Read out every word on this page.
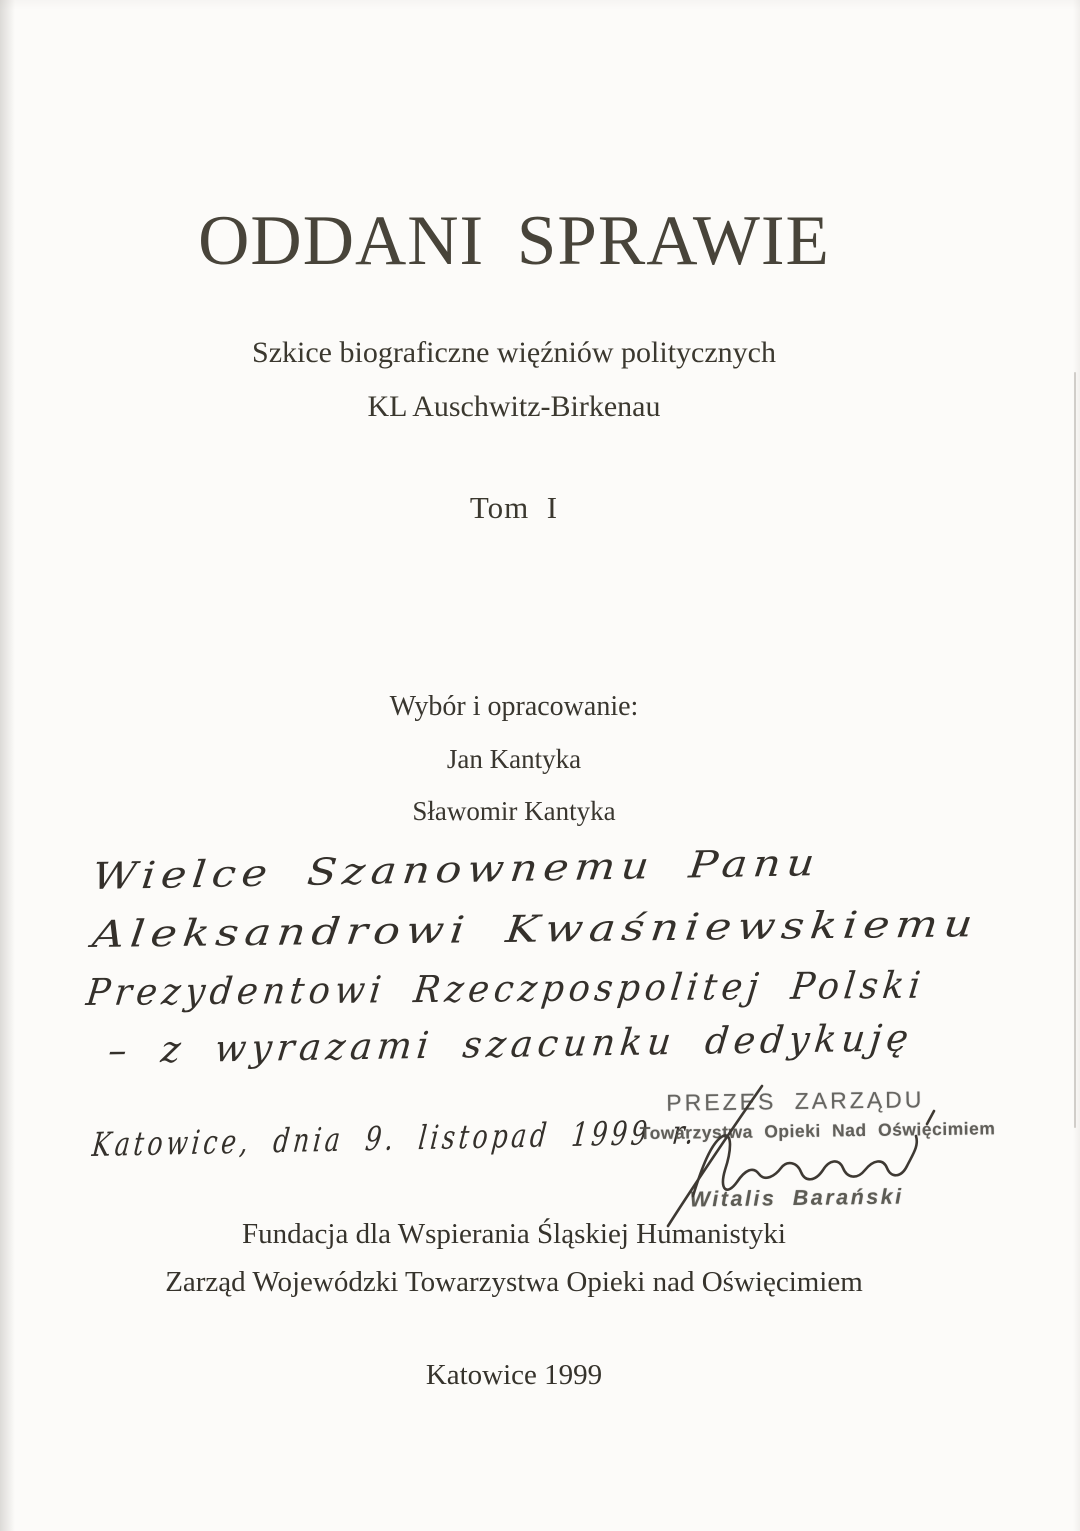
ODDANI SPRAWIE
Szkice biograficzne więźniów politycznych
KL Auschwitz-Birkenau
Tom  I
Wybór i opracowanie:
Jan Kantyka
Sławomir Kantyka
Wielce Szanownemu Panu
Aleksandrowi Kwaśniewskiemu
Prezydentowi Rzeczpospolitej Polski
– z wyrazami szacunku dedykuję
Katowice, dnia 9. listopad 1999 r.
PREZES ZARZĄDU
Towarzystwa Opieki Nad Oświęcimiem
Witalis Barański
Fundacja dla Wspierania Śląskiej Humanistyki
Zarząd Wojewódzki Towarzystwa Opieki nad Oświęcimiem
Katowice 1999
